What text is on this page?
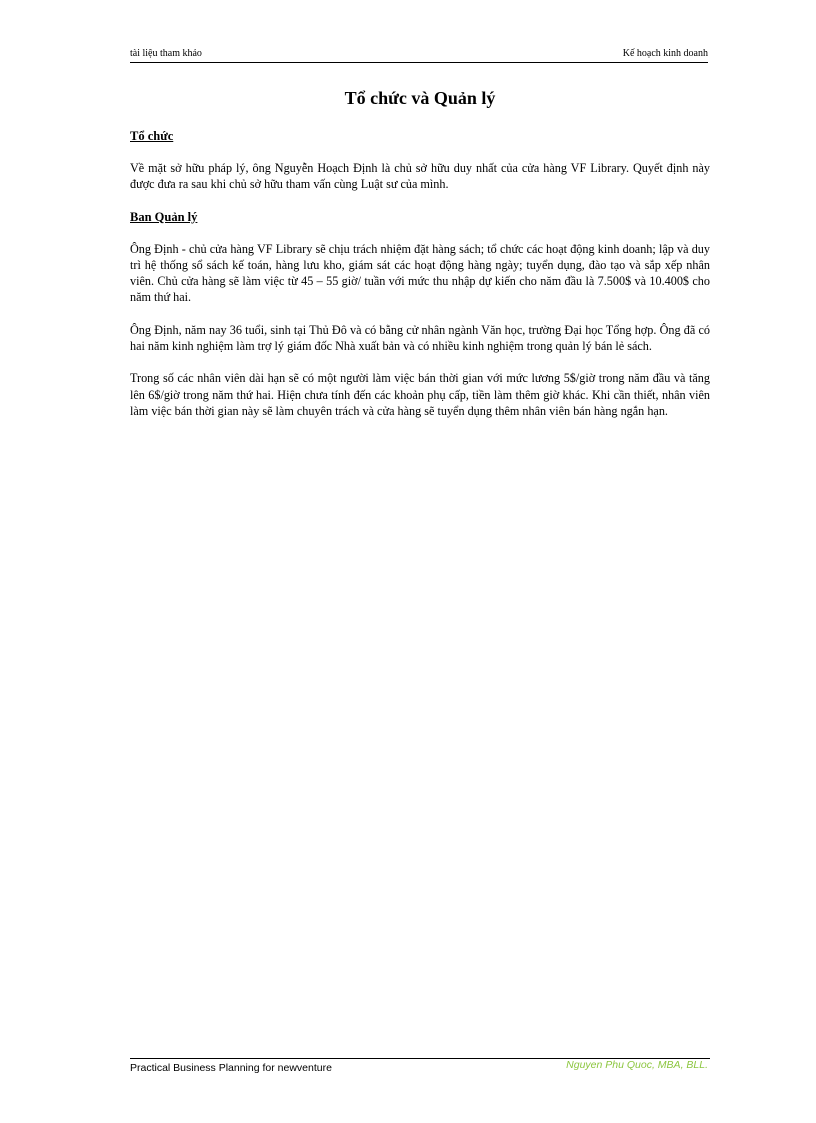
tài liệu tham khảo	Kế hoạch kinh doanh
Tổ chức và Quản lý
Tổ chức

Về mặt sở hữu pháp lý, ông Nguyễn Hoạch Định là chủ sở hữu duy nhất của cửa hàng VF Library. Quyết định này được đưa ra sau khi chủ sở hữu tham vấn cùng Luật sư của mình.

Ban Quản lý

Ông Định - chủ cửa hàng VF Library sẽ chịu trách nhiệm đặt hàng sách; tổ chức các hoạt động kinh doanh; lập và duy trì hệ thống sổ sách kế toán, hàng lưu kho, giám sát các hoạt động hàng ngày; tuyển dụng, đào tạo và sắp xếp nhân viên. Chủ cửa hàng sẽ làm việc từ 45 – 55 giờ/ tuần với mức thu nhập dự kiến cho năm đầu là 7.500$ và 10.400$ cho năm thứ hai.

Ông Định, năm nay 36 tuổi, sinh tại Thủ Đô và có bằng cử nhân ngành Văn học, trường Đại học Tổng hợp. Ông đã có hai năm kinh nghiệm làm trợ lý giám đốc Nhà xuất bản và có nhiều kinh nghiệm trong quản lý bán lẻ sách.

Trong số các nhân viên dài hạn sẽ có một người làm việc bán thời gian với mức lương 5$/giờ trong năm đầu và tăng lên 6$/giờ trong năm thứ hai. Hiện chưa tính đến các khoản phụ cấp, tiền làm thêm giờ khác. Khi cần thiết, nhân viên làm việc bán thời gian này sẽ làm chuyên trách và cửa hàng sẽ tuyển dụng thêm nhân viên bán hàng ngắn hạn.

Practical Business Planning for newventure	Nguyen Phu Quoc, MBA, BLL.
